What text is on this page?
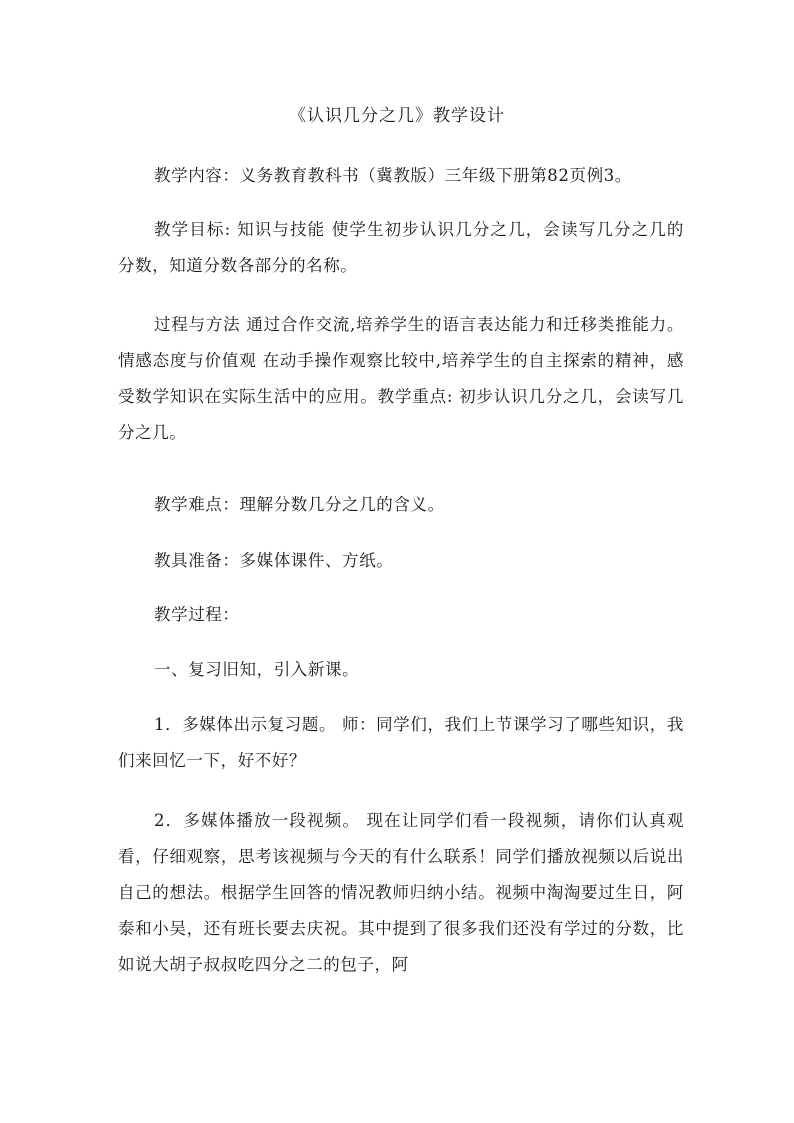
《认识几分之几》教学设计
教学内容：义务教育教科书（冀教版）三年级下册第82页例3。
教学目标: 知识与技能 使学生初步认识几分之几，会读写几分之几的分数，知道分数各部分的名称。
过程与方法 通过合作交流,培养学生的语言表达能力和迁移类推能力。情感态度与价值观 在动手操作观察比较中,培养学生的自主探索的精神，感受数学知识在实际生活中的应用。教学重点: 初步认识几分之几，会读写几分之几。
教学难点：理解分数几分之几的含义。
教具准备：多媒体课件、方纸。
教学过程：
一、复习旧知，引入新课。
1．多媒体出示复习题。 师：同学们，我们上节课学习了哪些知识，我们来回忆一下，好不好？
2．多媒体播放一段视频。 现在让同学们看一段视频，请你们认真观看，仔细观察，思考该视频与今天的有什么联系！同学们播放视频以后说出自己的想法。根据学生回答的情况教师归纳小结。视频中淘淘要过生日，阿泰和小吴，还有班长要去庆祝。其中提到了很多我们还没有学过的分数，比如说大胡子叔叔吃四分之二的包子，阿
